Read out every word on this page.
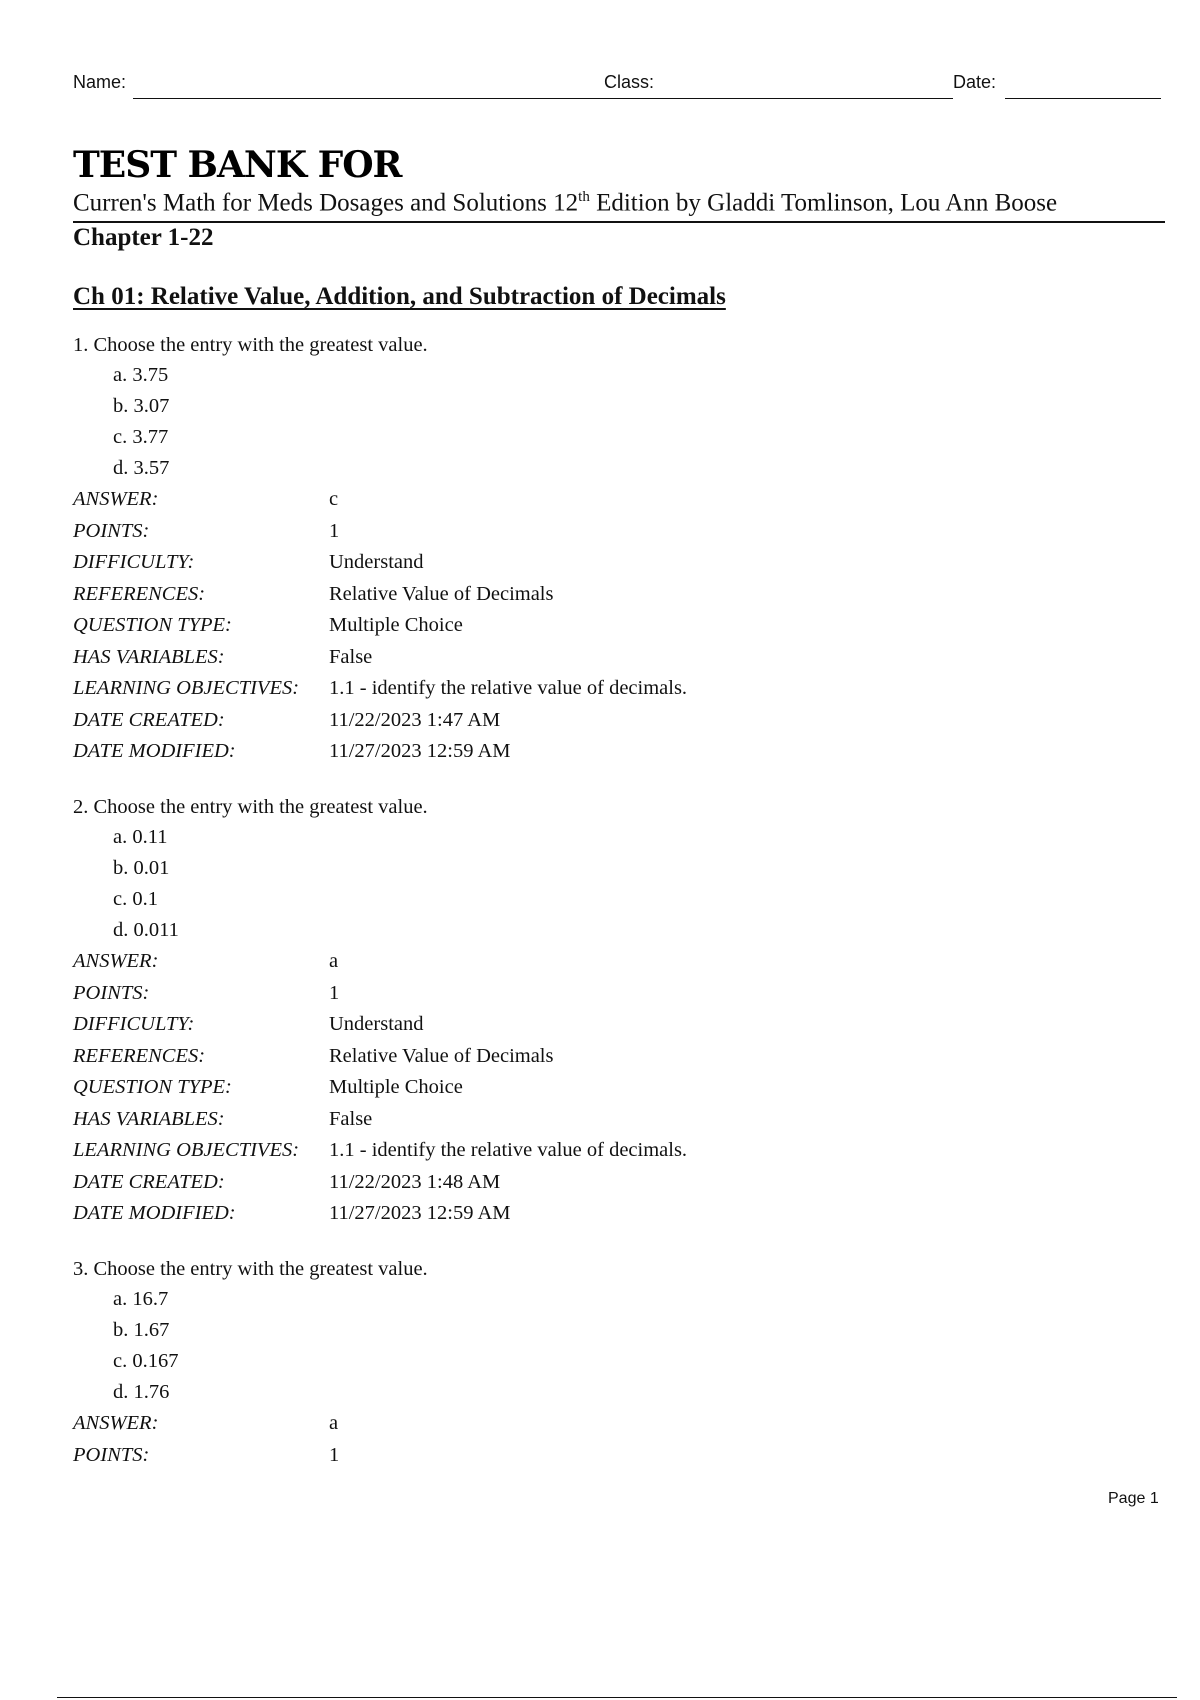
Name:	Class:	Date:
TEST BANK FOR
Curren's Math for Meds Dosages and Solutions 12th Edition by Gladdi Tomlinson, Lou Ann Boose
Chapter 1-22
Ch 01: Relative Value, Addition, and Subtraction of Decimals
1. Choose the entry with the greatest value.
a. 3.75
b. 3.07
c. 3.77
d. 3.57
ANSWER:	c
POINTS:	1
DIFFICULTY:	Understand
REFERENCES:	Relative Value of Decimals
QUESTION TYPE:	Multiple Choice
HAS VARIABLES:	False
LEARNING OBJECTIVES: 1.1 - identify the relative value of decimals.
DATE CREATED:	11/22/2023 1:47 AM
DATE MODIFIED:	11/27/2023 12:59 AM
2. Choose the entry with the greatest value.
a. 0.11
b. 0.01
c. 0.1
d. 0.011
ANSWER:	a
POINTS:	1
DIFFICULTY:	Understand
REFERENCES:	Relative Value of Decimals
QUESTION TYPE:	Multiple Choice
HAS VARIABLES:	False
LEARNING OBJECTIVES: 1.1 - identify the relative value of decimals.
DATE CREATED:	11/22/2023 1:48 AM
DATE MODIFIED:	11/27/2023 12:59 AM
3. Choose the entry with the greatest value.
a. 16.7
b. 1.67
c. 0.167
d. 1.76
ANSWER:	a
POINTS:	1
Page 1
